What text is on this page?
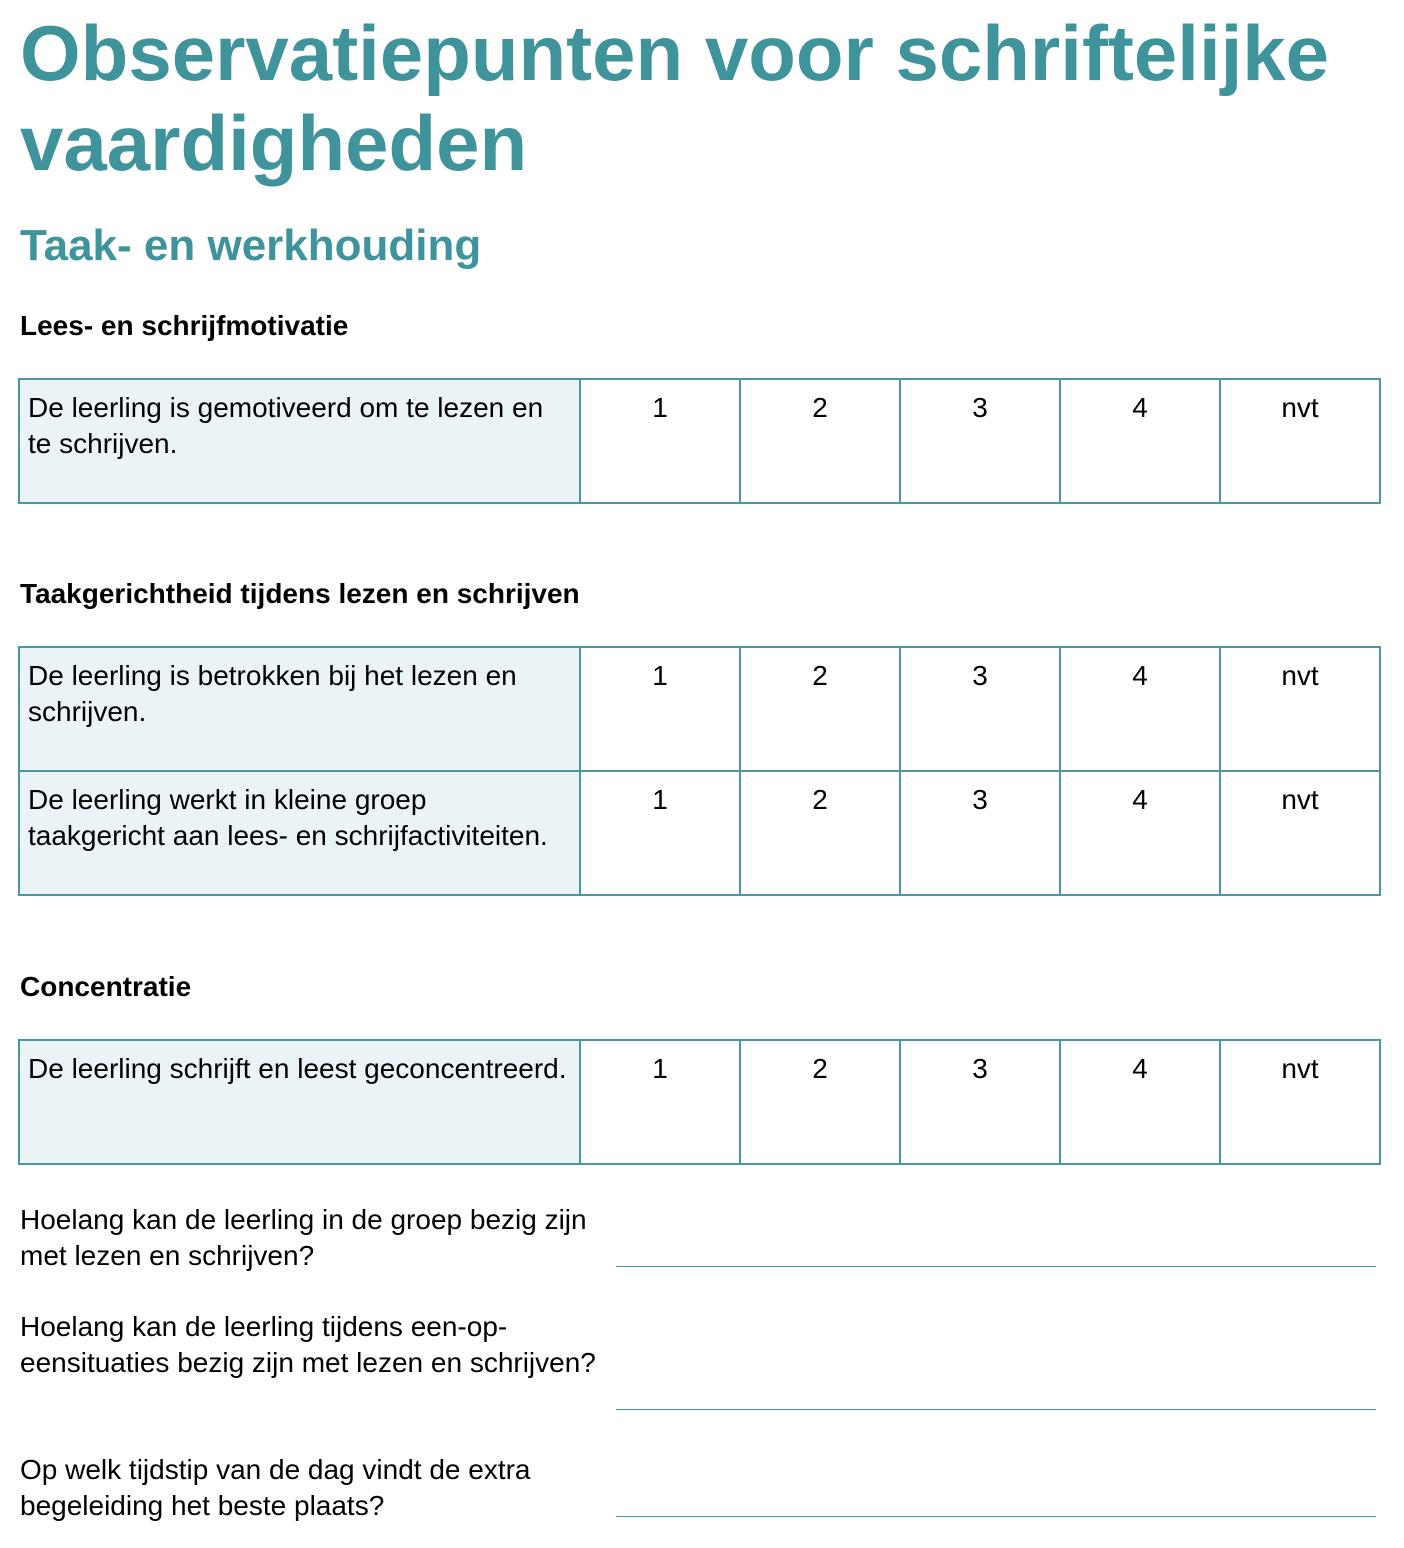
Observatiepunten voor schriftelijke vaardigheden
Taak- en werkhouding
Lees- en schrijfmotivatie
De leerling is gemotiveerd om te lezen en te schrijven.	1	2	3	4	nvt
Taakgerichtheid tijdens lezen en schrijven
De leerling is betrokken bij het lezen en schrijven.	1	2	3	4	nvt
De leerling werkt in kleine groep taakgericht aan lees- en schrijfactiviteiten.	1	2	3	4	nvt
Concentratie
De leerling schrijft en leest geconcentreerd.	1	2	3	4	nvt

Hoelang kan de leerling in de groep bezig zijn met lezen en schrijven?

Hoelang kan de leerling tijdens een-op-eensituaties bezig zijn met lezen en schrijven?

Op welk tijdstip van de dag vindt de extra begeleiding het beste plaats?
